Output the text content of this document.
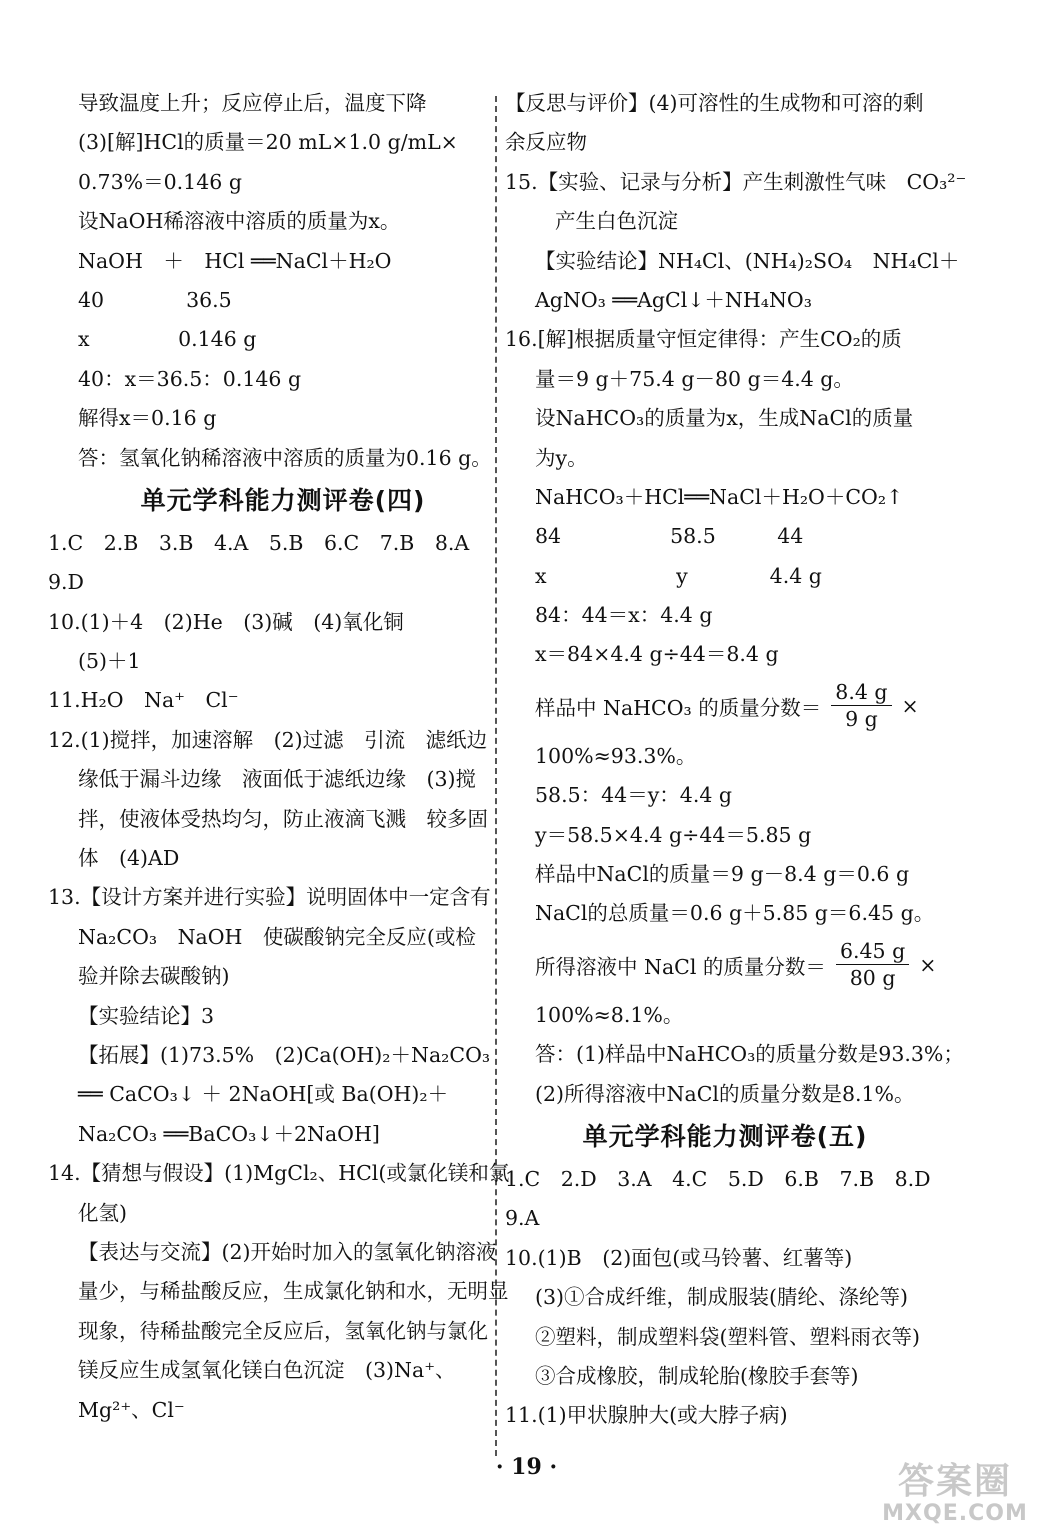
导致温度上升；反应停止后，温度下降
(3)[解]HCl的质量＝20 mL×1.0 g/mL×
0.73%＝0.146 g
设NaOH稀溶液中溶质的质量为x。
NaOH　＋　HCl ══NaCl＋H₂O
40　　　　36.5
x　　　　 0.146 g
40：x＝36.5：0.146 g
解得x＝0.16 g
答：氢氧化钠稀溶液中溶质的质量为0.16 g。
单元学科能力测评卷(四)
1.C　2.B　3.B　4.A　5.B　6.C　7.B　8.A
9.D
10.(1)＋4　(2)He　(3)碱　(4)氧化铜
(5)＋1
11.H₂O　Na⁺　Cl⁻
12.(1)搅拌，加速溶解　(2)过滤　引流　滤纸边
缘低于漏斗边缘　液面低于滤纸边缘　(3)搅
拌，使液体受热均匀，防止液滴飞溅　较多固
体　(4)AD
13.【设计方案并进行实验】说明固体中一定含有
Na₂CO₃　NaOH　使碳酸钠完全反应(或检
验并除去碳酸钠)
【实验结论】3
【拓展】(1)73.5%　(2)Ca(OH)₂＋Na₂CO₃
══ CaCO₃↓ ＋ 2NaOH[或 Ba(OH)₂＋
Na₂CO₃ ══BaCO₃↓＋2NaOH]
14.【猜想与假设】(1)MgCl₂、HCl(或氯化镁和氯
化氢)
【表达与交流】(2)开始时加入的氢氧化钠溶液
量少，与稀盐酸反应，生成氯化钠和水，无明显
现象，待稀盐酸完全反应后，氢氧化钠与氯化
镁反应生成氢氧化镁白色沉淀　(3)Na⁺、
Mg²⁺、Cl⁻
【反思与评价】(4)可溶性的生成物和可溶的剩
余反应物
15.【实验、记录与分析】产生刺激性气味　CO₃²⁻
产生白色沉淀
【实验结论】NH₄Cl、(NH₄)₂SO₄　NH₄Cl＋
AgNO₃ ══AgCl↓＋NH₄NO₃
16.[解]根据质量守恒定律得：产生CO₂的质
量＝9 g＋75.4 g－80 g＝4.4 g。
设NaHCO₃的质量为x，生成NaCl的质量
为y。
NaHCO₃＋HCl══NaCl＋H₂O＋CO₂↑
84　　　　　 58.5　　　44
x　　　　　　 y　　　　4.4 g
84：44＝x：4.4 g
x＝84×4.4 g÷44＝8.4 g
样品中 NaHCO₃ 的质量分数＝ $\frac{8.4 g}{9 g}$ ×
100%≈93.3%。
58.5：44＝y：4.4 g
y＝58.5×4.4 g÷44＝5.85 g
样品中NaCl的质量＝9 g－8.4 g＝0.6 g
NaCl的总质量＝0.6 g＋5.85 g＝6.45 g。
所得溶液中 NaCl 的质量分数＝ $\frac{6.45 g}{80 g}$ ×
100%≈8.1%。
答：(1)样品中NaHCO₃的质量分数是93.3%；
(2)所得溶液中NaCl的质量分数是8.1%。
单元学科能力测评卷(五)
1.C　2.D　3.A　4.C　5.D　6.B　7.B　8.D
9.A
10.(1)B　(2)面包(或马铃薯、红薯等)
(3)①合成纤维，制成服装(腈纶、涤纶等)
②塑料，制成塑料袋(塑料管、塑料雨衣等)
③合成橡胶，制成轮胎(橡胶手套等)
11.(1)甲状腺肿大(或大脖子病)
· 19 ·	答案圈
MXQE.COM
